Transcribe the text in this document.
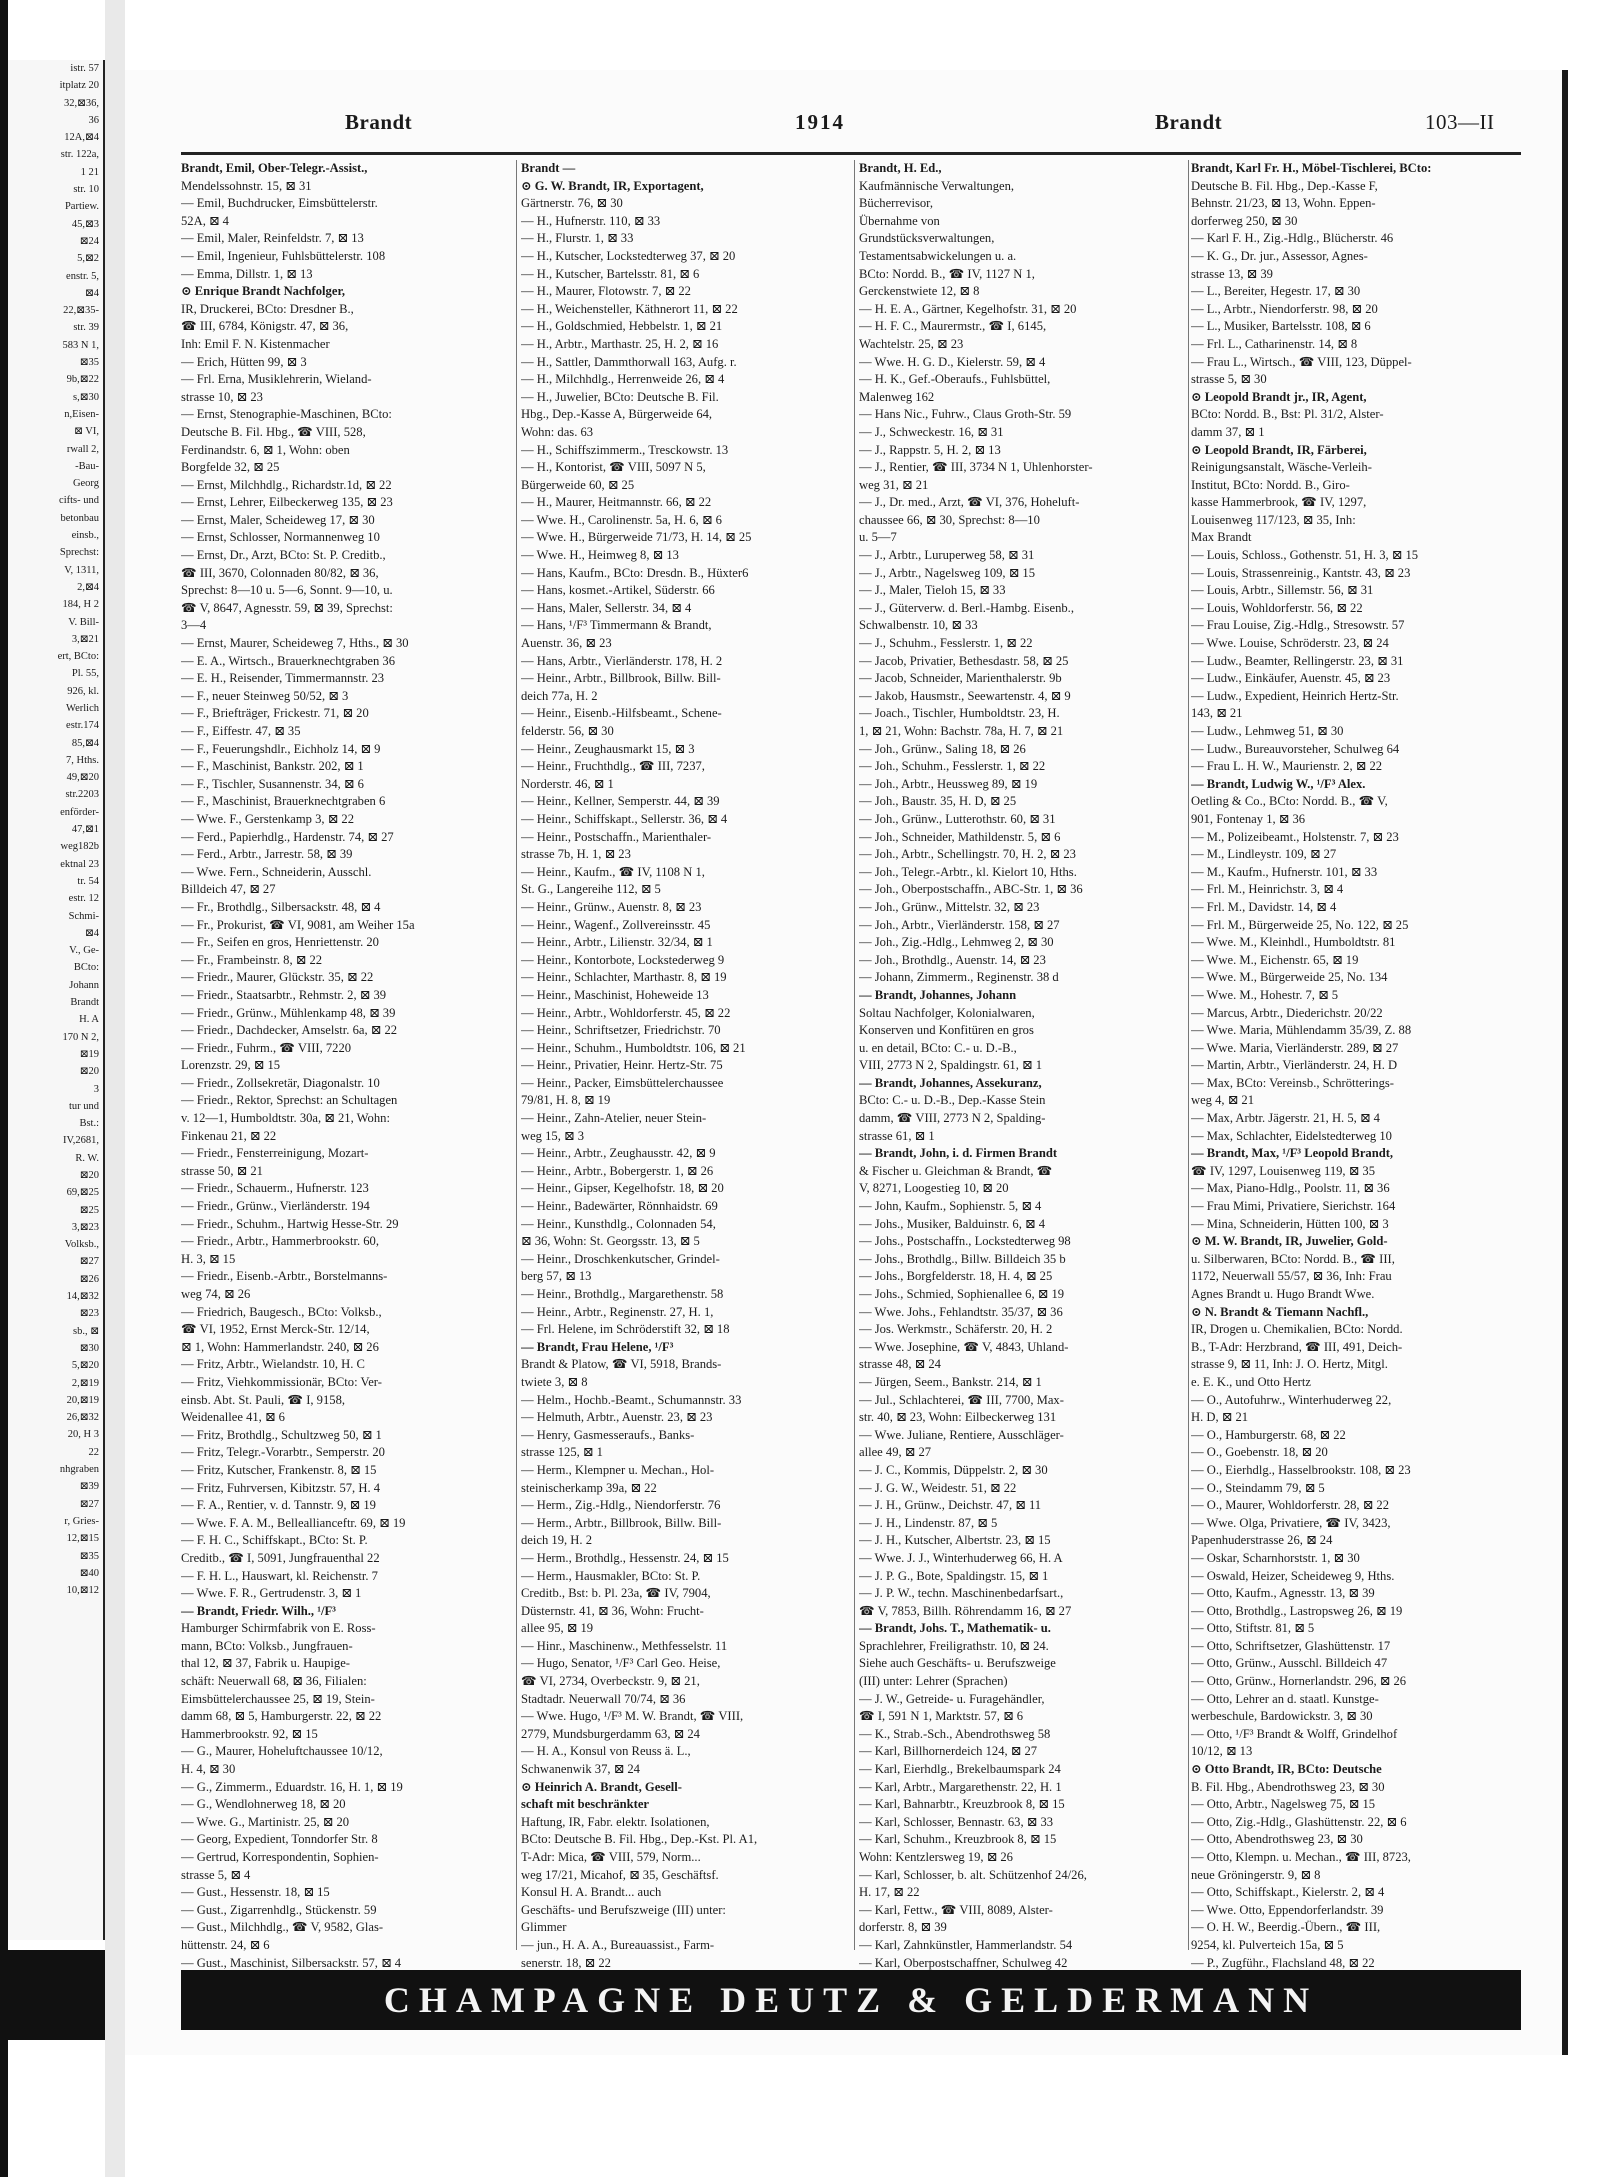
istr. 57
itplatz 20
32,⊠36,
36
12A,⊠4
str. 122a,
1 21
str. 10
Partiew.
45,⊠3
⊠24
5,⊠2
enstr. 5,
⊠4
22,⊠35-
str. 39
583 N 1,
⊠35
9b,⊠22
s,⊠30
n,Eisen-
⊠ VI,
rwall 2,
-Bau-
Georg
cifts- und
betonbau
einsb.,
Sprechst:
V, 1311,
2,⊠4
184, H 2
V. Bill-
3,⊠21
ert, BCto:
Pl. 55,
926, kl.
Werlich
estr.174
85,⊠4
7, Hths.
49,⊠20
str.2203
enförder-
47,⊠1
weg182b
ektnal 23
tr. 54
estr. 12
Schmi-
⊠4
V., Ge-
BCto:
Johann
Brandt
H. A
170 N 2,
⊠19
⊠20
3
tur und
Bst.:
IV,2681,
R. W.
⊠20
69,⊠25
⊠25
3,⊠23
Volksb.,
⊠27
⊠26
14,⊠32
⊠23
sb., ⊠
⊠30
5,⊠20
2,⊠19
20,⊠19
26,⊠32
20, H 3
22
nhgraben
⊠39
⊠27
r, Gries-
12,⊠15
⊠35
⊠40
10,⊠12
Brandt	1914	Brandt	103—II
Brandt, Emil, Ober-Telegr.-Assist.,
Mendelssohnstr. 15, ⊠ 31
— Emil, Buchdrucker, Eimsbüttelerstr.
52A, ⊠ 4
— Emil, Maler, Reinfeldstr. 7, ⊠ 13
— Emil, Ingenieur, Fuhlsbüttelerstr. 108
— Emma, Dillstr. 1, ⊠ 13
⊙ Enrique Brandt Nachfolger,
IR, Druckerei, BCto: Dresdner B.,
☎ III, 6784, Königstr. 47, ⊠ 36,
Inh: Emil F. N. Kistenmacher
— Erich, Hütten 99, ⊠ 3
— Frl. Erna, Musiklehrerin, Wieland-
strasse 10, ⊠ 23
— Ernst, Stenographie-Maschinen, BCto:
Deutsche B. Fil. Hbg., ☎ VIII, 528,
Ferdinandstr. 6, ⊠ 1, Wohn: oben
Borgfelde 32, ⊠ 25
— Ernst, Milchhdlg., Richardstr.1d, ⊠ 22
— Ernst, Lehrer, Eilbeckerweg 135, ⊠ 23
— Ernst, Maler, Scheideweg 17, ⊠ 30
— Ernst, Schlosser, Normannenweg 10
— Ernst, Dr., Arzt, BCto: St. P. Creditb.,
☎ III, 3670, Colonnaden 80/82, ⊠ 36,
Sprechst: 8—10 u. 5—6, Sonnt. 9—10, u.
☎ V, 8647, Agnesstr. 59, ⊠ 39, Sprechst:
3—4
— Ernst, Maurer, Scheideweg 7, Hths., ⊠ 30
— E. A., Wirtsch., Brauerknechtgraben 36
— E. H., Reisender, Timmermannstr. 23
— F., neuer Steinweg 50/52, ⊠ 3
— F., Briefträger, Frickestr. 71, ⊠ 20
— F., Eiffestr. 47, ⊠ 35
— F., Feuerungshdlr., Eichholz 14, ⊠ 9
— F., Maschinist, Bankstr. 202, ⊠ 1
— F., Tischler, Susannenstr. 34, ⊠ 6
— F., Maschinist, Brauerknechtgraben 6
— Wwe. F., Gerstenkamp 3, ⊠ 22
— Ferd., Papierhdlg., Hardenstr. 74, ⊠ 27
— Ferd., Arbtr., Jarrestr. 58, ⊠ 39
— Wwe. Fern., Schneiderin, Ausschl.
Billdeich 47, ⊠ 27
— Fr., Brothdlg., Silbersackstr. 48, ⊠ 4
— Fr., Prokurist, ☎ VI, 9081, am Weiher 15a
— Fr., Seifen en gros, Henriettenstr. 20
— Fr., Frambeinstr. 8, ⊠ 22
— Friedr., Maurer, Glückstr. 35, ⊠ 22
— Friedr., Staatsarbtr., Rehmstr. 2, ⊠ 39
— Friedr., Grünw., Mühlenkamp 48, ⊠ 39
— Friedr., Dachdecker, Amselstr. 6a, ⊠ 22
— Friedr., Fuhrm., ☎ VIII, 7220
Lorenzstr. 29, ⊠ 15
— Friedr., Zollsekretär, Diagonalstr. 10
— Friedr., Rektor, Sprechst: an Schultagen
v. 12—1, Humboldtstr. 30a, ⊠ 21, Wohn:
Finkenau 21, ⊠ 22
— Friedr., Fensterreinigung, Mozart-
strasse 50, ⊠ 21
— Friedr., Schauerm., Hufnerstr. 123
— Friedr., Grünw., Vierländerstr. 194
— Friedr., Schuhm., Hartwig Hesse-Str. 29
— Friedr., Arbtr., Hammerbrookstr. 60,
H. 3, ⊠ 15
— Friedr., Eisenb.-Arbtr., Borstelmanns-
weg 74, ⊠ 26
— Friedrich, Baugesch., BCto: Volksb.,
☎ VI, 1952, Ernst Merck-Str. 12/14,
⊠ 1, Wohn: Hammerlandstr. 240, ⊠ 26
— Fritz, Arbtr., Wielandstr. 10, H. C
— Fritz, Viehkommissionär, BCto: Ver-
einsb. Abt. St. Pauli, ☎ I, 9158,
Weidenallee 41, ⊠ 6
— Fritz, Brothdlg., Schultzweg 50, ⊠ 1
— Fritz, Telegr.-Vorarbtr., Semperstr. 20
— Fritz, Kutscher, Frankenstr. 8, ⊠ 15
— Fritz, Fuhrversen, Kibitzstr. 57, H. 4
— F. A., Rentier, v. d. Tannstr. 9, ⊠ 19
— Wwe. F. A. M., Belleallianceftr. 69, ⊠ 19
— F. H. C., Schiffskapt., BCto: St. P.
Creditb., ☎ I, 5091, Jungfrauenthal 22
— F. H. L., Hauswart, kl. Reichenstr. 7
— Wwe. F. R., Gertrudenstr. 3, ⊠ 1
— Brandt, Friedr. Wilh., ¹/F³
Hamburger Schirmfabrik von E. Ross-
mann, BCto: Volksb., Jungfrauen-
thal 12, ⊠ 37, Fabrik u. Haupige-
schäft: Neuerwall 68, ⊠ 36, Filialen:
Eimsbüttelerchaussee 25, ⊠ 19, Stein-
damm 68, ⊠ 5, Hamburgerstr. 22, ⊠ 22
Hammerbrookstr. 92, ⊠ 15
— G., Maurer, Hoheluftchaussee 10/12,
H. 4, ⊠ 30
— G., Zimmerm., Eduardstr. 16, H. 1, ⊠ 19
— G., Wendlohnerweg 18, ⊠ 20
— Wwe. G., Martinistr. 25, ⊠ 20
— Georg, Expedient, Tonndorfer Str. 8
— Gertrud, Korrespondentin, Sophien-
strasse 5, ⊠ 4
— Gust., Hessenstr. 18, ⊠ 15
— Gust., Zigarrenhdlg., Stückenstr. 59
— Gust., Milchhdlg., ☎ V, 9582, Glas-
hüttenstr. 24, ⊠ 6
— Gust., Maschinist, Silbersackstr. 57, ⊠ 4
Brandt —
⊙ G. W. Brandt, IR, Exportagent,
Gärtnerstr. 76, ⊠ 30
— H., Hufnerstr. 110, ⊠ 33
— H., Flurstr. 1, ⊠ 33
— H., Kutscher, Lockstedterweg 37, ⊠ 20
— H., Kutscher, Bartelsstr. 81, ⊠ 6
— H., Maurer, Flotowstr. 7, ⊠ 22
— H., Weichensteller, Käthnerort 11, ⊠ 22
— H., Goldschmied, Hebbelstr. 1, ⊠ 21
— H., Arbtr., Marthastr. 25, H. 2, ⊠ 16
— H., Sattler, Dammthorwall 163, Aufg. r.
— H., Milchhdlg., Herrenweide 26, ⊠ 4
— H., Juwelier, BCto: Deutsche B. Fil.
Hbg., Dep.-Kasse A, Bürgerweide 64,
Wohn: das. 63
— H., Schiffszimmerm., Tresckowstr. 13
— H., Kontorist, ☎ VIII, 5097 N 5,
Bürgerweide 60, ⊠ 25
— H., Maurer, Heitmannstr. 66, ⊠ 22
— Wwe. H., Carolinenstr. 5a, H. 6, ⊠ 6
— Wwe. H., Bürgerweide 71/73, H. 14, ⊠ 25
— Wwe. H., Heimweg 8, ⊠ 13
— Hans, Kaufm., BCto: Dresdn. B., Hüxter6
— Hans, kosmet.-Artikel, Süderstr. 66
— Hans, Maler, Sellerstr. 34, ⊠ 4
— Hans, ¹/F³ Timmermann & Brandt,
Auenstr. 36, ⊠ 23
— Hans, Arbtr., Vierländerstr. 178, H. 2
— Heinr., Arbtr., Billbrook, Billw. Bill-
deich 77a, H. 2
— Heinr., Eisenb.-Hilfsbeamt., Schene-
felderstr. 56, ⊠ 30
— Heinr., Zeughausmarkt 15, ⊠ 3
— Heinr., Fruchthdlg., ☎ III, 7237,
Norderstr. 46, ⊠ 1
— Heinr., Kellner, Semperstr. 44, ⊠ 39
— Heinr., Schiffskapt., Sellerstr. 36, ⊠ 4
— Heinr., Postschaffn., Marienthaler-
strasse 7b, H. 1, ⊠ 23
— Heinr., Kaufm., ☎ IV, 1108 N 1,
St. G., Langereihe 112, ⊠ 5
— Heinr., Grünw., Auenstr. 8, ⊠ 23
— Heinr., Wagenf., Zollvereinsstr. 45
— Heinr., Arbtr., Lilienstr. 32/34, ⊠ 1
— Heinr., Kontorbote, Lockstederweg 9
— Heinr., Schlachter, Marthastr. 8, ⊠ 19
— Heinr., Maschinist, Hoheweide 13
— Heinr., Arbtr., Wohldorferstr. 45, ⊠ 22
— Heinr., Schriftsetzer, Friedrichstr. 70
— Heinr., Schuhm., Humboldtstr. 106, ⊠ 21
— Heinr., Privatier, Heinr. Hertz-Str. 75
— Heinr., Packer, Eimsbüttelerchaussee
79/81, H. 8, ⊠ 19
— Heinr., Zahn-Atelier, neuer Stein-
weg 15, ⊠ 3
— Heinr., Arbtr., Zeughausstr. 42, ⊠ 9
— Heinr., Arbtr., Bobergerstr. 1, ⊠ 26
— Heinr., Gipser, Kegelhofstr. 18, ⊠ 20
— Heinr., Badewärter, Rönnhaidstr. 69
— Heinr., Kunsthdlg., Colonnaden 54,
⊠ 36, Wohn: St. Georgsstr. 13, ⊠ 5
— Heinr., Droschkenkutscher, Grindel-
berg 57, ⊠ 13
— Heinr., Brothdlg., Margarethenstr. 58
— Heinr., Arbtr., Reginenstr. 27, H. 1,
— Frl. Helene, im Schröderstift 32, ⊠ 18
— Brandt, Frau Helene, ¹/F³
Brandt & Platow, ☎ VI, 5918, Brands-
twiete 3, ⊠ 8
— Helm., Hochb.-Beamt., Schumannstr. 33
— Helmuth, Arbtr., Auenstr. 23, ⊠ 23
— Henry, Gasmesseraufs., Banks-
strasse 125, ⊠ 1
— Herm., Klempner u. Mechan., Hol-
steinischerkamp 39a, ⊠ 22
— Herm., Zig.-Hdlg., Niendorferstr. 76
— Herm., Arbtr., Billbrook, Billw. Bill-
deich 19, H. 2
— Herm., Brothdlg., Hessenstr. 24, ⊠ 15
— Herm., Hausmakler, BCto: St. P.
Creditb., Bst: b. Pl. 23a, ☎ IV, 7904,
Düsternstr. 41, ⊠ 36, Wohn: Frucht-
allee 95, ⊠ 19
— Hinr., Maschinenw., Methfesselstr. 11
— Hugo, Senator, ¹/F³ Carl Geo. Heise,
☎ VI, 2734, Overbeckstr. 9, ⊠ 21,
Stadtadr. Neuerwall 70/74, ⊠ 36
— Wwe. Hugo, ¹/F³ M. W. Brandt, ☎ VIII,
2779, Mundsburgerdamm 63, ⊠ 24
— H. A., Konsul von Reuss ä. L.,
Schwanenwik 37, ⊠ 24
⊙ Heinrich A. Brandt, Gesell-
schaft mit beschränkter
Haftung, IR, Fabr. elektr. Isolationen,
BCto: Deutsche B. Fil. Hbg., Dep.-Kst. Pl. A1,
T-Adr: Mica, ☎ VIII, 579, Norm...
weg 17/21, Micahof, ⊠ 35, Geschäftsf.
Konsul H. A. Brandt... auch
Geschäfts- und Berufszweige (III) unter:
Glimmer
— jun., H. A. A., Bureauassist., Farm-
senerstr. 18, ⊠ 22
Brandt, H. Ed.,
Kaufmännische Verwaltungen,
Bücherrevisor,
Übernahme von
Grundstücksverwaltungen,
Testamentsabwickelungen u. a.
BCto: Nordd. B., ☎ IV, 1127 N 1,
Gerckenstwiete 12, ⊠ 8
— H. E. A., Gärtner, Kegelhofstr. 31, ⊠ 20
— H. F. C., Maurermstr., ☎ I, 6145,
Wachtelstr. 25, ⊠ 23
— Wwe. H. G. D., Kielerstr. 59, ⊠ 4
— H. K., Gef.-Oberaufs., Fuhlsbüttel,
Malenweg 162
— Hans Nic., Fuhrw., Claus Groth-Str. 59
— J., Schweckestr. 16, ⊠ 31
— J., Rappstr. 5, H. 2, ⊠ 13
— J., Rentier, ☎ III, 3734 N 1, Uhlenhorster-
weg 31, ⊠ 21
— J., Dr. med., Arzt, ☎ VI, 376, Hoheluft-
chaussee 66, ⊠ 30, Sprechst: 8—10
u. 5—7
— J., Arbtr., Luruperweg 58, ⊠ 31
— J., Arbtr., Nagelsweg 109, ⊠ 15
— J., Maler, Tieloh 15, ⊠ 33
— J., Güterverw. d. Berl.-Hambg. Eisenb.,
Schwalbenstr. 10, ⊠ 33
— J., Schuhm., Fesslerstr. 1, ⊠ 22
— Jacob, Privatier, Bethesdastr. 58, ⊠ 25
— Jacob, Schneider, Marienthalerstr. 9b
— Jakob, Hausmstr., Seewartenstr. 4, ⊠ 9
— Joach., Tischler, Humboldtstr. 23, H.
1, ⊠ 21, Wohn: Bachstr. 78a, H. 7, ⊠ 21
— Joh., Grünw., Saling 18, ⊠ 26
— Joh., Schuhm., Fesslerstr. 1, ⊠ 22
— Joh., Arbtr., Heussweg 89, ⊠ 19
— Joh., Baustr. 35, H. D, ⊠ 25
— Joh., Grünw., Lutterothstr. 60, ⊠ 31
— Joh., Schneider, Mathildenstr. 5, ⊠ 6
— Joh., Arbtr., Schellingstr. 70, H. 2, ⊠ 23
— Joh., Telegr.-Arbtr., kl. Kielort 10, Hths.
— Joh., Oberpostschaffn., ABC-Str. 1, ⊠ 36
— Joh., Grünw., Mittelstr. 32, ⊠ 23
— Joh., Arbtr., Vierländerstr. 158, ⊠ 27
— Joh., Zig.-Hdlg., Lehmweg 2, ⊠ 30
— Joh., Brothdlg., Auenstr. 14, ⊠ 23
— Johann, Zimmerm., Reginenstr. 38 d
— Brandt, Johannes, Johann
Soltau Nachfolger, Kolonialwaren,
Konserven und Konfitüren en gros
u. en detail, BCto: C.- u. D.-B.,
VIII, 2773 N 2, Spaldingstr. 61, ⊠ 1
— Brandt, Johannes, Assekuranz,
BCto: C.- u. D.-B., Dep.-Kasse Stein
damm, ☎ VIII, 2773 N 2, Spalding-
strasse 61, ⊠ 1
— Brandt, John, i. d. Firmen Brandt
& Fischer u. Gleichman & Brandt, ☎
V, 8271, Loogestieg 10, ⊠ 20
— John, Kaufm., Sophienstr. 5, ⊠ 4
— Johs., Musiker, Balduinstr. 6, ⊠ 4
— Johs., Postschaffn., Lockstedterweg 98
— Johs., Brothdlg., Billw. Billdeich 35 b
— Johs., Borgfelderstr. 18, H. 4, ⊠ 25
— Johs., Schmied, Sophienallee 6, ⊠ 19
— Wwe. Johs., Fehlandtstr. 35/37, ⊠ 36
— Jos. Werkmstr., Schäferstr. 20, H. 2
— Wwe. Josephine, ☎ V, 4843, Uhland-
strasse 48, ⊠ 24
— Jürgen, Seem., Bankstr. 214, ⊠ 1
— Jul., Schlachterei, ☎ III, 7700, Max-
str. 40, ⊠ 23, Wohn: Eilbeckerweg 131
— Wwe. Juliane, Rentiere, Ausschläger-
allee 49, ⊠ 27
— J. C., Kommis, Düppelstr. 2, ⊠ 30
— J. G. W., Weidestr. 51, ⊠ 22
— J. H., Grünw., Deichstr. 47, ⊠ 11
— J. H., Lindenstr. 87, ⊠ 5
— J. H., Kutscher, Albertstr. 23, ⊠ 15
— Wwe. J. J., Winterhuderweg 66, H. A
— J. P. G., Bote, Spaldingstr. 15, ⊠ 1
— J. P. W., techn. Maschinenbedarfsart.,
☎ V, 7853, Billh. Röhrendamm 16, ⊠ 27
— Brandt, Johs. T., Mathematik- u.
Sprachlehrer, Freiligrathstr. 10, ⊠ 24.
Siehe auch Geschäfts- u. Berufszweige
(III) unter: Lehrer (Sprachen)
— J. W., Getreide- u. Furagehändler,
☎ I, 591 N 1, Marktstr. 57, ⊠ 6
— K., Strab.-Sch., Abendrothsweg 58
— Karl, Billhornerdeich 124, ⊠ 27
— Karl, Eierhdlg., Brekelbaumspark 24
— Karl, Arbtr., Margarethenstr. 22, H. 1
— Karl, Bahnarbtr., Kreuzbrook 8, ⊠ 15
— Karl, Schlosser, Bennastr. 63, ⊠ 33
— Karl, Schuhm., Kreuzbrook 8, ⊠ 15
Wohn: Kentzlersweg 19, ⊠ 26
— Karl, Schlosser, b. alt. Schützenhof 24/26,
H. 17, ⊠ 22
— Karl, Fettw., ☎ VIII, 8089, Alster-
dorferstr. 8, ⊠ 39
— Karl, Zahnkünstler, Hammerlandstr. 54
— Karl, Oberpostschaffner, Schulweg 42
Brandt, Karl Fr. H., Möbel-Tischlerei, BCto:
Deutsche B. Fil. Hbg., Dep.-Kasse F,
Behnstr. 21/23, ⊠ 13, Wohn. Eppen-
dorferweg 250, ⊠ 30
— Karl F. H., Zig.-Hdlg., Blücherstr. 46
— K. G., Dr. jur., Assessor, Agnes-
strasse 13, ⊠ 39
— L., Bereiter, Hegestr. 17, ⊠ 30
— L., Arbtr., Niendorferstr. 98, ⊠ 20
— L., Musiker, Bartelsstr. 108, ⊠ 6
— Frl. L., Catharinenstr. 14, ⊠ 8
— Frau L., Wirtsch., ☎ VIII, 123, Düppel-
strasse 5, ⊠ 30
⊙ Leopold Brandt jr., IR, Agent,
BCto: Nordd. B., Bst: Pl. 31/2, Alster-
damm 37, ⊠ 1
⊙ Leopold Brandt, IR, Färberei,
Reinigungsanstalt, Wäsche-Verleih-
Institut, BCto: Nordd. B., Giro-
kasse Hammerbrook, ☎ IV, 1297,
Louisenweg 117/123, ⊠ 35, Inh:
Max Brandt
— Louis, Schloss., Gothenstr. 51, H. 3, ⊠ 15
— Louis, Strassenreinig., Kantstr. 43, ⊠ 23
— Louis, Arbtr., Sillemstr. 56, ⊠ 31
— Louis, Wohldorferstr. 56, ⊠ 22
— Frau Louise, Zig.-Hdlg., Stresowstr. 57
— Wwe. Louise, Schröderstr. 23, ⊠ 24
— Ludw., Beamter, Rellingerstr. 23, ⊠ 31
— Ludw., Einkäufer, Auenstr. 45, ⊠ 23
— Ludw., Expedient, Heinrich Hertz-Str.
143, ⊠ 21
— Ludw., Lehmweg 51, ⊠ 30
— Ludw., Bureauvorsteher, Schulweg 64
— Frau L. H. W., Maurienstr. 2, ⊠ 22
— Brandt, Ludwig W., ¹/F³ Alex.
Oetling & Co., BCto: Nordd. B., ☎ V,
901, Fontenay 1, ⊠ 36
— M., Polizeibeamt., Holstenstr. 7, ⊠ 23
— M., Lindleystr. 109, ⊠ 27
— M., Kaufm., Hufnerstr. 101, ⊠ 33
— Frl. M., Heinrichstr. 3, ⊠ 4
— Frl. M., Davidstr. 14, ⊠ 4
— Frl. M., Bürgerweide 25, No. 122, ⊠ 25
— Wwe. M., Kleinhdl., Humboldtstr. 81
— Wwe. M., Eichenstr. 65, ⊠ 19
— Wwe. M., Bürgerweide 25, No. 134
— Wwe. M., Hohestr. 7, ⊠ 5
— Marcus, Arbtr., Diederichstr. 20/22
— Wwe. Maria, Mühlendamm 35/39, Z. 88
— Wwe. Maria, Vierländerstr. 289, ⊠ 27
— Martin, Arbtr., Vierländerstr. 24, H. D
— Max, BCto: Vereinsb., Schrötterings-
weg 4, ⊠ 21
— Max, Arbtr. Jägerstr. 21, H. 5, ⊠ 4
— Max, Schlachter, Eidelstedterweg 10
— Brandt, Max, ¹/F³ Leopold Brandt,
☎ IV, 1297, Louisenweg 119, ⊠ 35
— Max, Piano-Hdlg., Poolstr. 11, ⊠ 36
— Frau Mimi, Privatiere, Sierichstr. 164
— Mina, Schneiderin, Hütten 100, ⊠ 3
⊙ M. W. Brandt, IR, Juwelier, Gold-
u. Silberwaren, BCto: Nordd. B., ☎ III,
1172, Neuerwall 55/57, ⊠ 36, Inh: Frau
Agnes Brandt u. Hugo Brandt Wwe.
⊙ N. Brandt & Tiemann Nachfl.,
IR, Drogen u. Chemikalien, BCto: Nordd.
B., T-Adr: Herzbrand, ☎ III, 491, Deich-
strasse 9, ⊠ 11, Inh: J. O. Hertz, Mitgl.
e. E. K., und Otto Hertz
— O., Autofuhrw., Winterhuderweg 22,
H. D, ⊠ 21
— O., Hamburgerstr. 68, ⊠ 22
— O., Goebenstr. 18, ⊠ 20
— O., Eierhdlg., Hasselbrookstr. 108, ⊠ 23
— O., Steindamm 79, ⊠ 5
— O., Maurer, Wohldorferstr. 28, ⊠ 22
— Wwe. Olga, Privatiere, ☎ IV, 3423,
Papenhuderstrasse 26, ⊠ 24
— Oskar, Scharnhorststr. 1, ⊠ 30
— Oswald, Heizer, Scheideweg 9, Hths.
— Otto, Kaufm., Agnesstr. 13, ⊠ 39
— Otto, Brothdlg., Lastropsweg 26, ⊠ 19
— Otto, Stiftstr. 81, ⊠ 5
— Otto, Schriftsetzer, Glashüttenstr. 17
— Otto, Grünw., Ausschl. Billdeich 47
— Otto, Grünw., Hornerlandstr. 296, ⊠ 26
— Otto, Lehrer an d. staatl. Kunstge-
werbeschule, Bardowickstr. 3, ⊠ 30
— Otto, ¹/F³ Brandt & Wolff, Grindelhof
10/12, ⊠ 13
⊙ Otto Brandt, IR, BCto: Deutsche
B. Fil. Hbg., Abendrothsweg 23, ⊠ 30
— Otto, Arbtr., Nagelsweg 75, ⊠ 15
— Otto, Zig.-Hdlg., Glashüttenstr. 22, ⊠ 6
— Otto, Abendrothsweg 23, ⊠ 30
— Otto, Klempn. u. Mechan., ☎ III, 8723,
neue Gröningerstr. 9, ⊠ 8
— Otto, Schiffskapt., Kielerstr. 2, ⊠ 4
— Wwe. Otto, Eppendorferlandstr. 39
— O. H. W., Beerdig.-Übern., ☎ III,
9254, kl. Pulverteich 15a, ⊠ 5
— P., Zugführ., Flachsland 48, ⊠ 22
CHAMPAGNE DEUTZ & GELDERMANN
